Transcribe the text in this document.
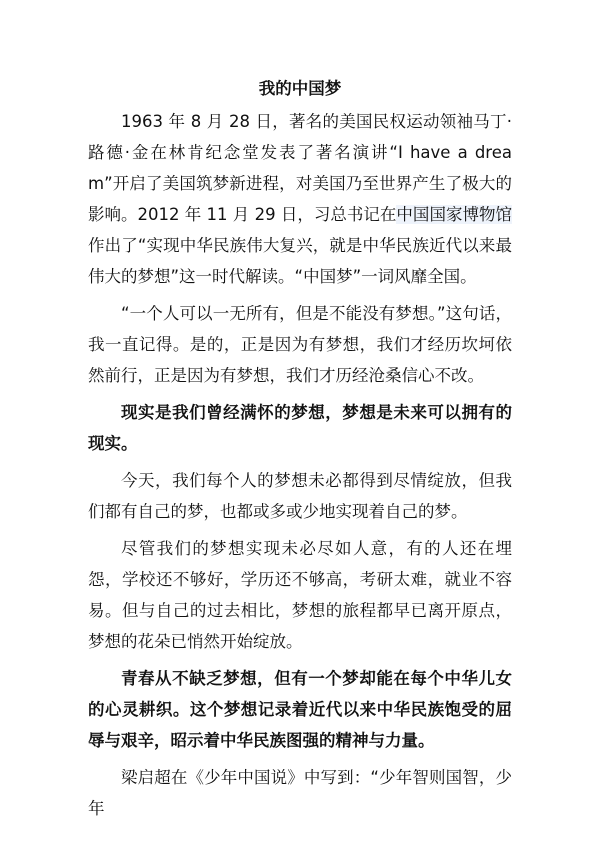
我的中国梦

1963 年 8 月 28 日，著名的美国民权运动领袖马丁·路德·金在林肯纪念堂发表了著名演讲“I have a dream”开启了美国筑梦新进程，对美国乃至世界产生了极大的影响。2012 年 11 月 29 日，习总书记在中国国家博物馆作出了“实现中华民族伟大复兴，就是中华民族近代以来最伟大的梦想”这一时代解读。“中国梦”一词风靡全国。

“一个人可以一无所有，但是不能没有梦想。”这句话，我一直记得。是的，正是因为有梦想，我们才经历坎坷依然前行，正是因为有梦想，我们才历经沧桑信心不改。

现实是我们曾经满怀的梦想，梦想是未来可以拥有的现实。

今天，我们每个人的梦想未必都得到尽情绽放，但我们都有自己的梦，也都或多或少地实现着自己的梦。

尽管我们的梦想实现未必尽如人意，有的人还在埋怨，学校还不够好，学历还不够高，考研太难，就业不容易。但与自己的过去相比，梦想的旅程都早已离开原点，梦想的花朵已悄然开始绽放。

青春从不缺乏梦想，但有一个梦却能在每个中华儿女的心灵耕织。这个梦想记录着近代以来中华民族饱受的屈辱与艰辛，昭示着中华民族图强的精神与力量。

梁启超在《少年中国说》中写到：“少年智则国智，少年
